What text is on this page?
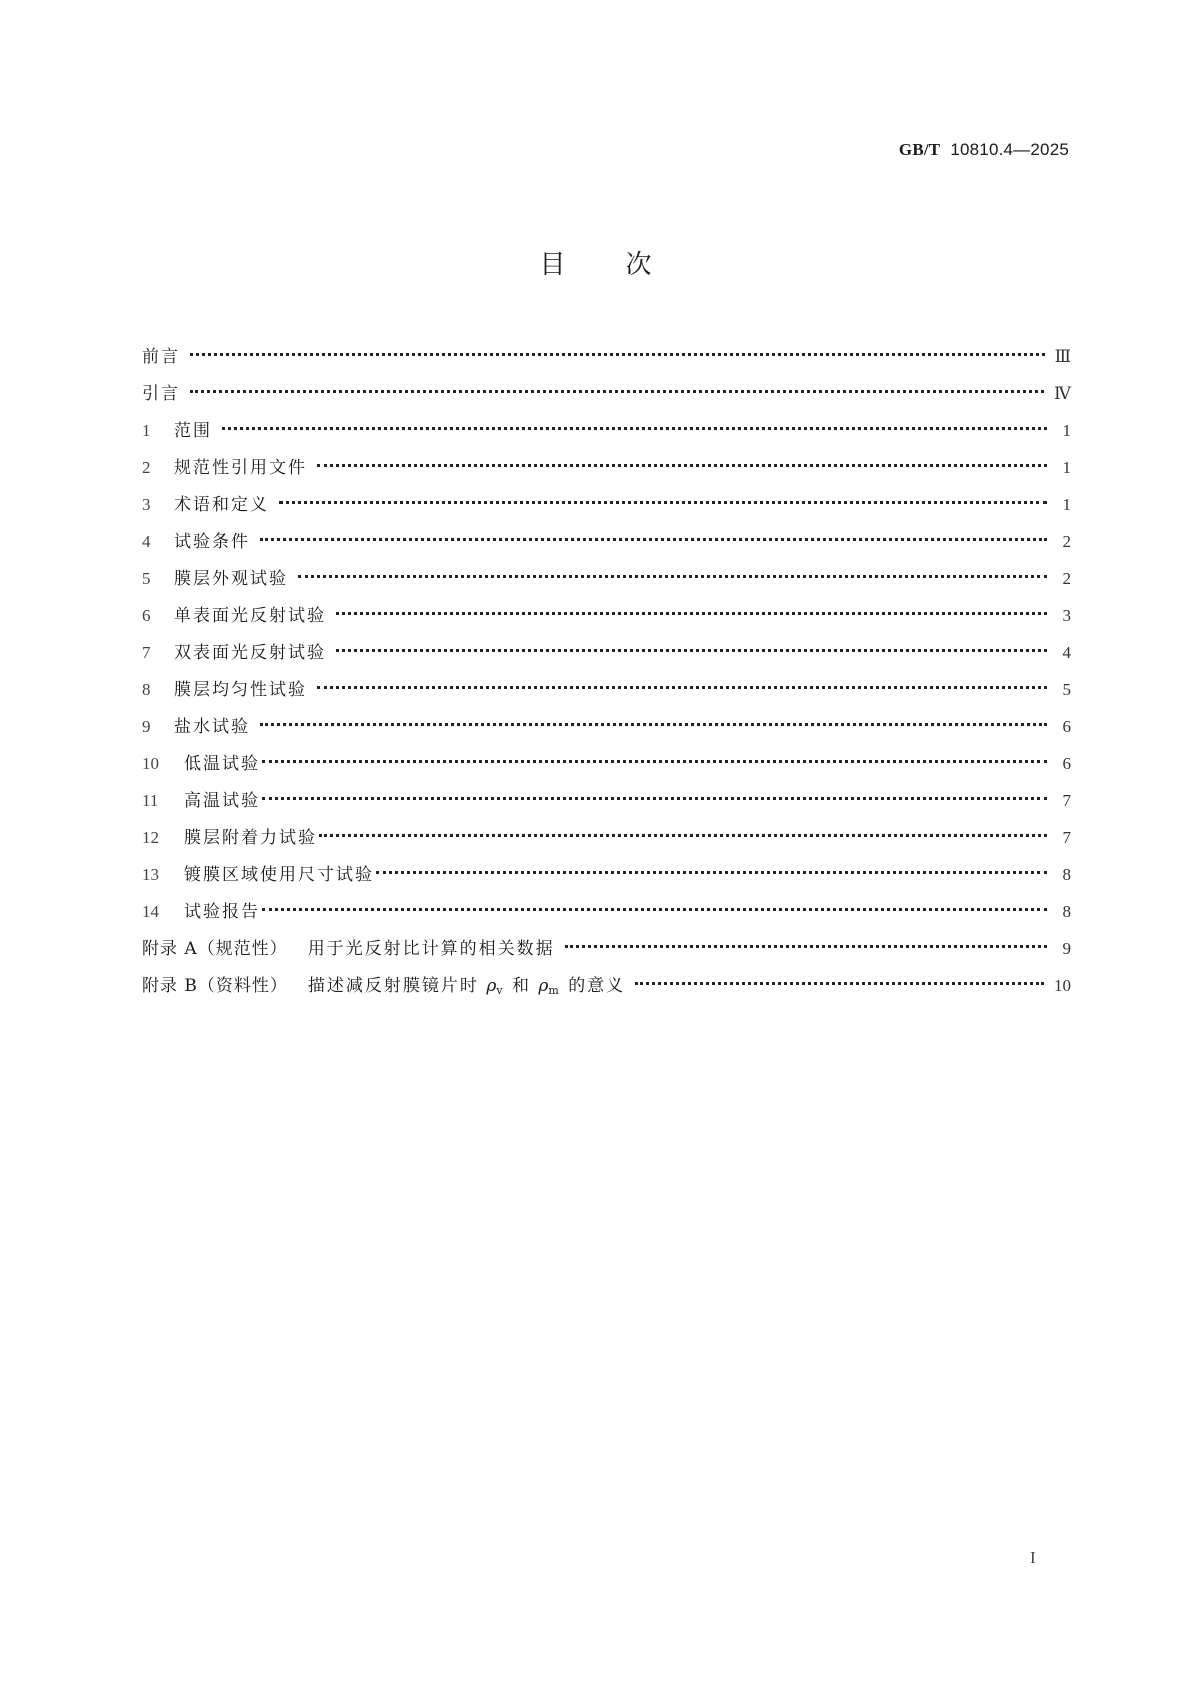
GB/T 10810.4—2025
目 次
前言	Ⅲ
引言	Ⅳ
1	范围	1
2	规范性引用文件	1
3	术语和定义	1
4	试验条件	2
5	膜层外观试验	2
6	单表面光反射试验	3
7	双表面光反射试验	4
8	膜层均匀性试验	5
9	盐水试验	6
10	低温试验	6
11	高温试验	7
12	膜层附着力试验	7
13	镀膜区域使用尺寸试验	8
14	试验报告	8
附录 A（规范性） 用于光反射比计算的相关数据	9
附录 B（资料性） 描述减反射膜镜片时 $\rho_v$ 和 $\rho_m$ 的意义	10
I
